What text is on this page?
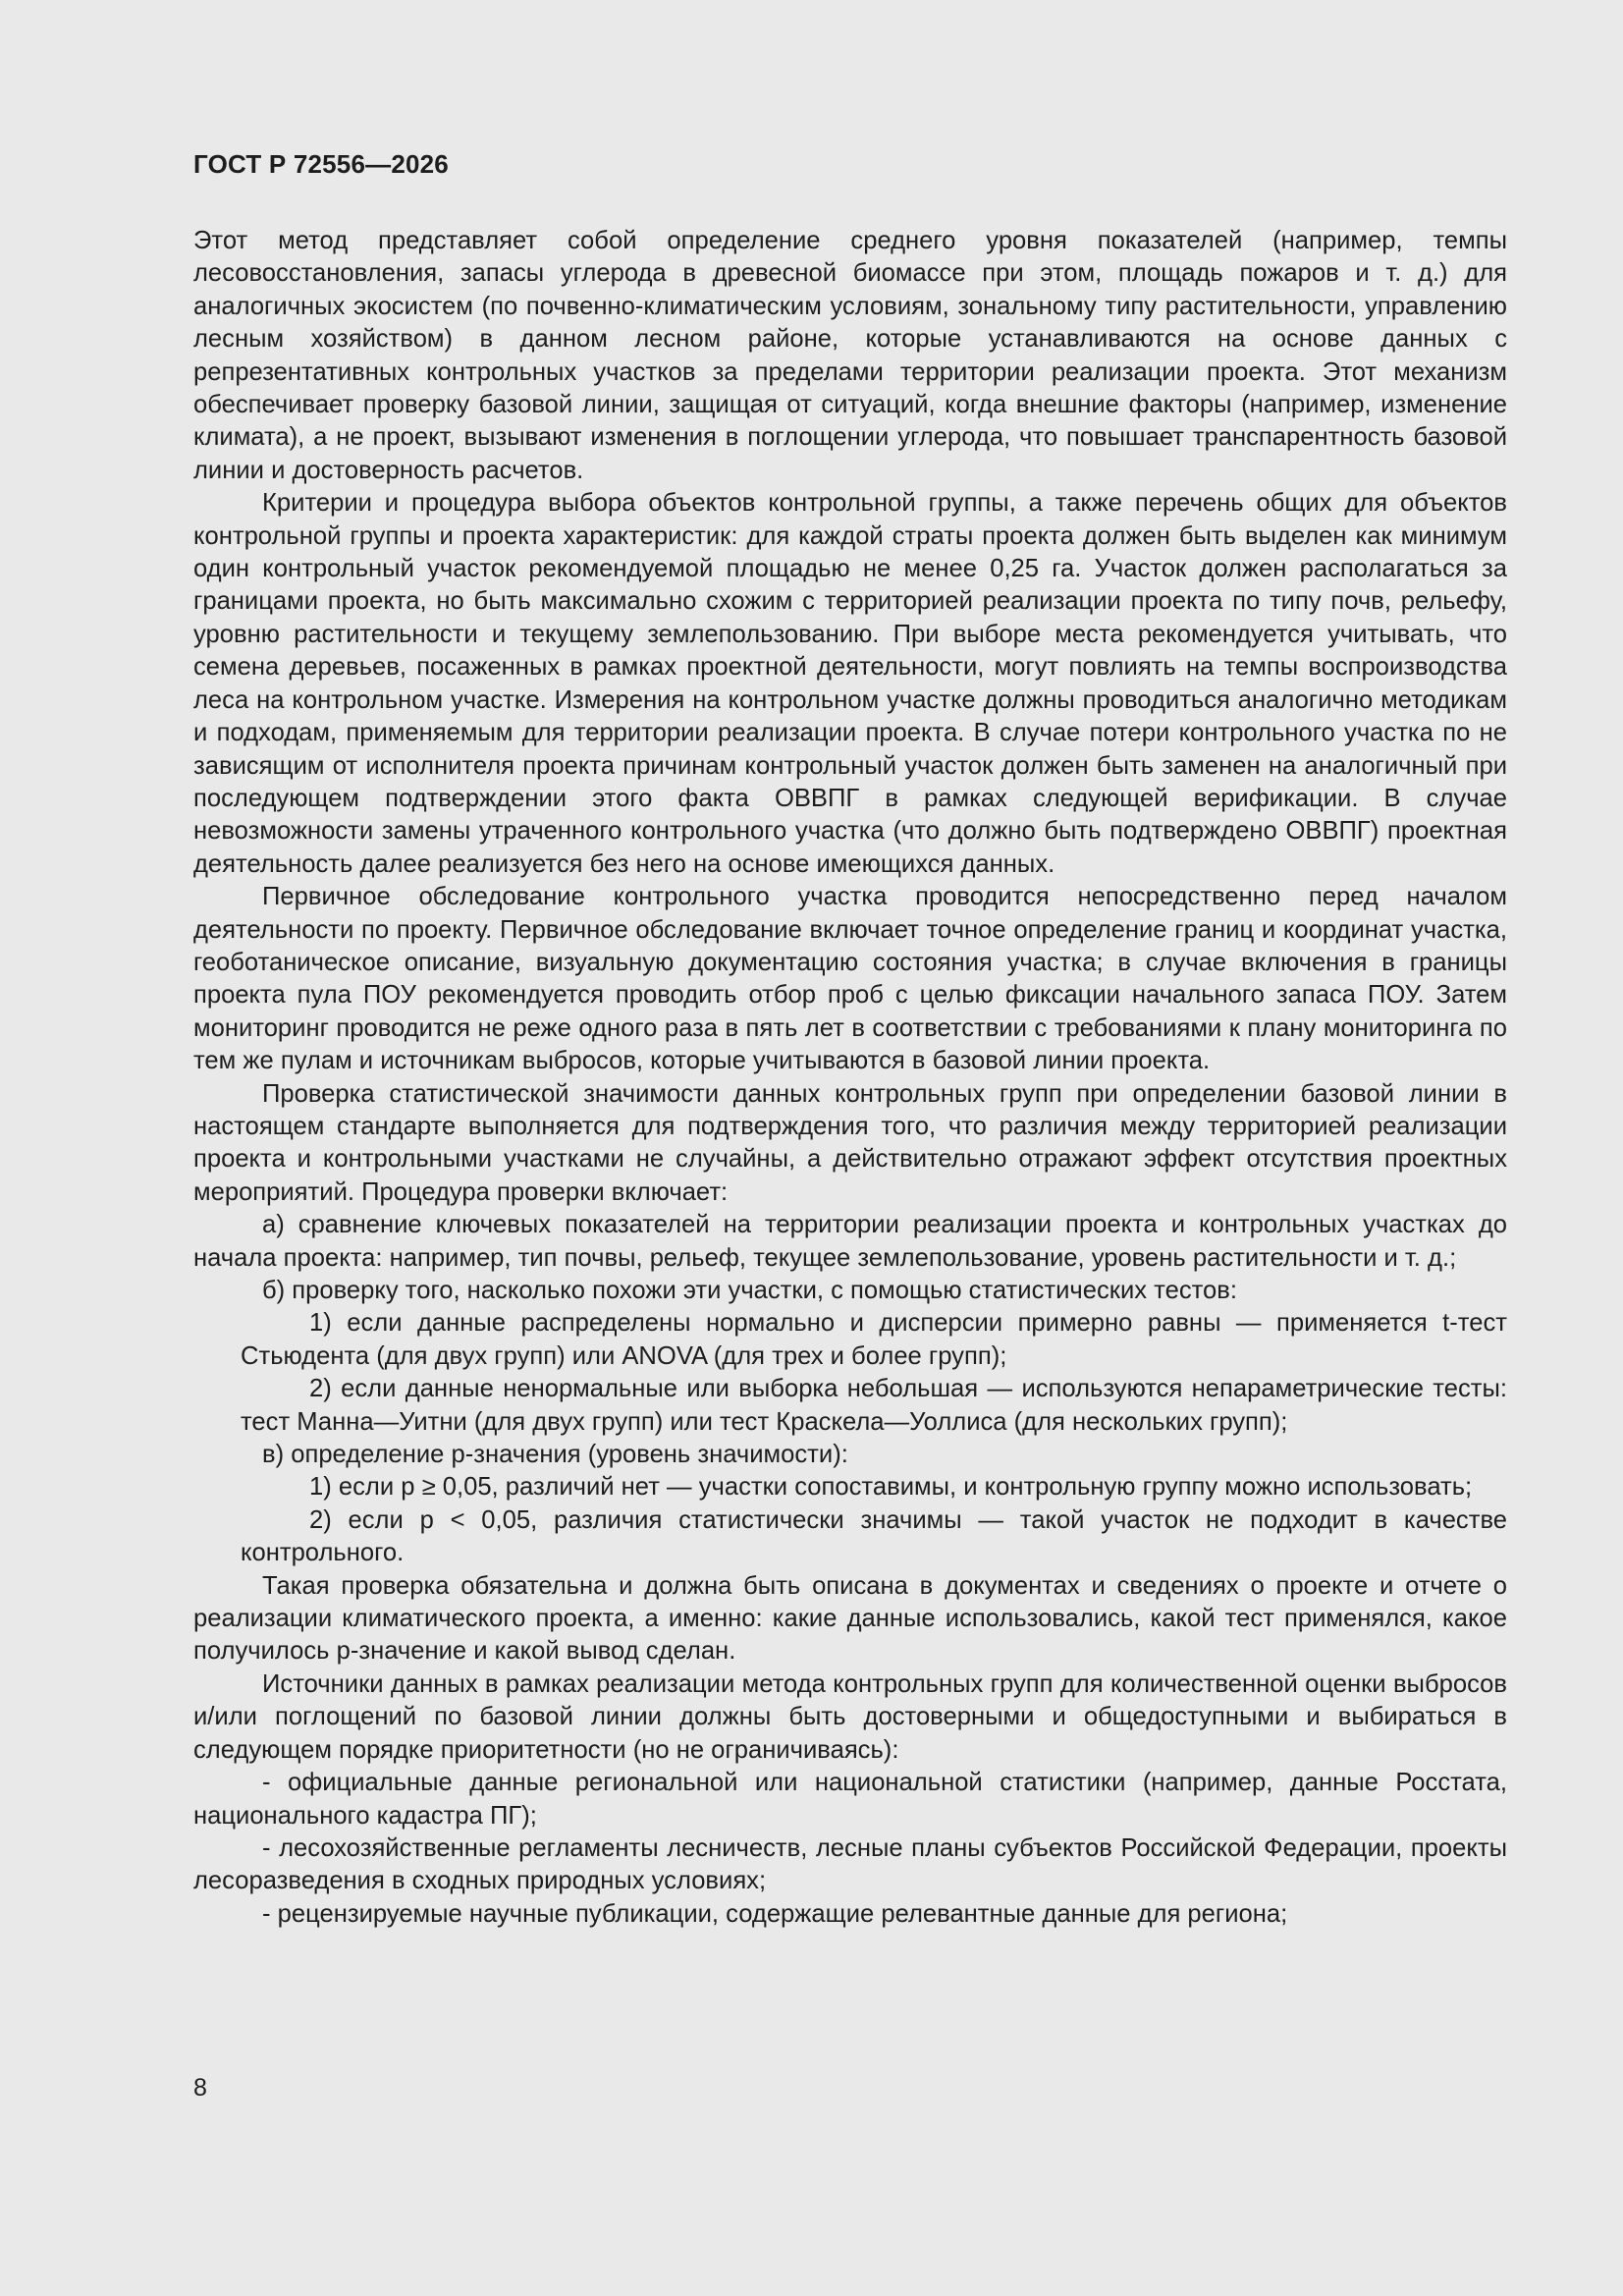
ГОСТ Р 72556—2026

Этот метод представляет собой определение среднего уровня показателей (например, темпы лесовосстановления, запасы углерода в древесной биомассе при этом, площадь пожаров и т. д.) для аналогичных экосистем (по почвенно-климатическим условиям, зональному типу растительности, управлению лесным хозяйством) в данном лесном районе, которые устанавливаются на основе данных с репрезентативных контрольных участков за пределами территории реализации проекта. Этот механизм обеспечивает проверку базовой линии, защищая от ситуаций, когда внешние факторы (например, изменение климата), а не проект, вызывают изменения в поглощении углерода, что повышает транспарентность базовой линии и достоверность расчетов.

Критерии и процедура выбора объектов контрольной группы, а также перечень общих для объектов контрольной группы и проекта характеристик: для каждой страты проекта должен быть выделен как минимум один контрольный участок рекомендуемой площадью не менее 0,25 га. Участок должен располагаться за границами проекта, но быть максимально схожим с территорией реализации проекта по типу почв, рельефу, уровню растительности и текущему землепользованию. При выборе места рекомендуется учитывать, что семена деревьев, посаженных в рамках проектной деятельности, могут повлиять на темпы воспроизводства леса на контрольном участке. Измерения на контрольном участке должны проводиться аналогично методикам и подходам, применяемым для территории реализации проекта. В случае потери контрольного участка по не зависящим от исполнителя проекта причинам контрольный участок должен быть заменен на аналогичный при последующем подтверждении этого факта ОВВПГ в рамках следующей верификации. В случае невозможности замены утраченного контрольного участка (что должно быть подтверждено ОВВПГ) проектная деятельность далее реализуется без него на основе имеющихся данных.

Первичное обследование контрольного участка проводится непосредственно перед началом деятельности по проекту. Первичное обследование включает точное определение границ и координат участка, геоботаническое описание, визуальную документацию состояния участка; в случае включения в границы проекта пула ПОУ рекомендуется проводить отбор проб с целью фиксации начального запаса ПОУ. Затем мониторинг проводится не реже одного раза в пять лет в соответствии с требованиями к плану мониторинга по тем же пулам и источникам выбросов, которые учитываются в базовой линии проекта.

Проверка статистической значимости данных контрольных групп при определении базовой линии в настоящем стандарте выполняется для подтверждения того, что различия между территорией реализации проекта и контрольными участками не случайны, а действительно отражают эффект отсутствия проектных мероприятий. Процедура проверки включает:

а) сравнение ключевых показателей на территории реализации проекта и контрольных участках до начала проекта: например, тип почвы, рельеф, текущее землепользование, уровень растительности и т. д.;

б) проверку того, насколько похожи эти участки, с помощью статистических тестов:

1) если данные распределены нормально и дисперсии примерно равны — применяется t-тест Стьюдента (для двух групп) или ANOVA (для трех и более групп);

2) если данные ненормальные или выборка небольшая — используются непараметрические тесты: тест Манна—Уитни (для двух групп) или тест Краскела—Уоллиса (для нескольких групп);

в) определение p-значения (уровень значимости):

1) если p ≥ 0,05, различий нет — участки сопоставимы, и контрольную группу можно использовать;

2) если p < 0,05, различия статистически значимы — такой участок не подходит в качестве контрольного.

Такая проверка обязательна и должна быть описана в документах и сведениях о проекте и отчете о реализации климатического проекта, а именно: какие данные использовались, какой тест применялся, какое получилось p-значение и какой вывод сделан.

Источники данных в рамках реализации метода контрольных групп для количественной оценки выбросов и/или поглощений по базовой линии должны быть достоверными и общедоступными и выбираться в следующем порядке приоритетности (но не ограничиваясь):

- официальные данные региональной или национальной статистики (например, данные Росстата, национального кадастра ПГ);

- лесохозяйственные регламенты лесничеств, лесные планы субъектов Российской Федерации, проекты лесоразведения в сходных природных условиях;

- рецензируемые научные публикации, содержащие релевантные данные для региона;

8
